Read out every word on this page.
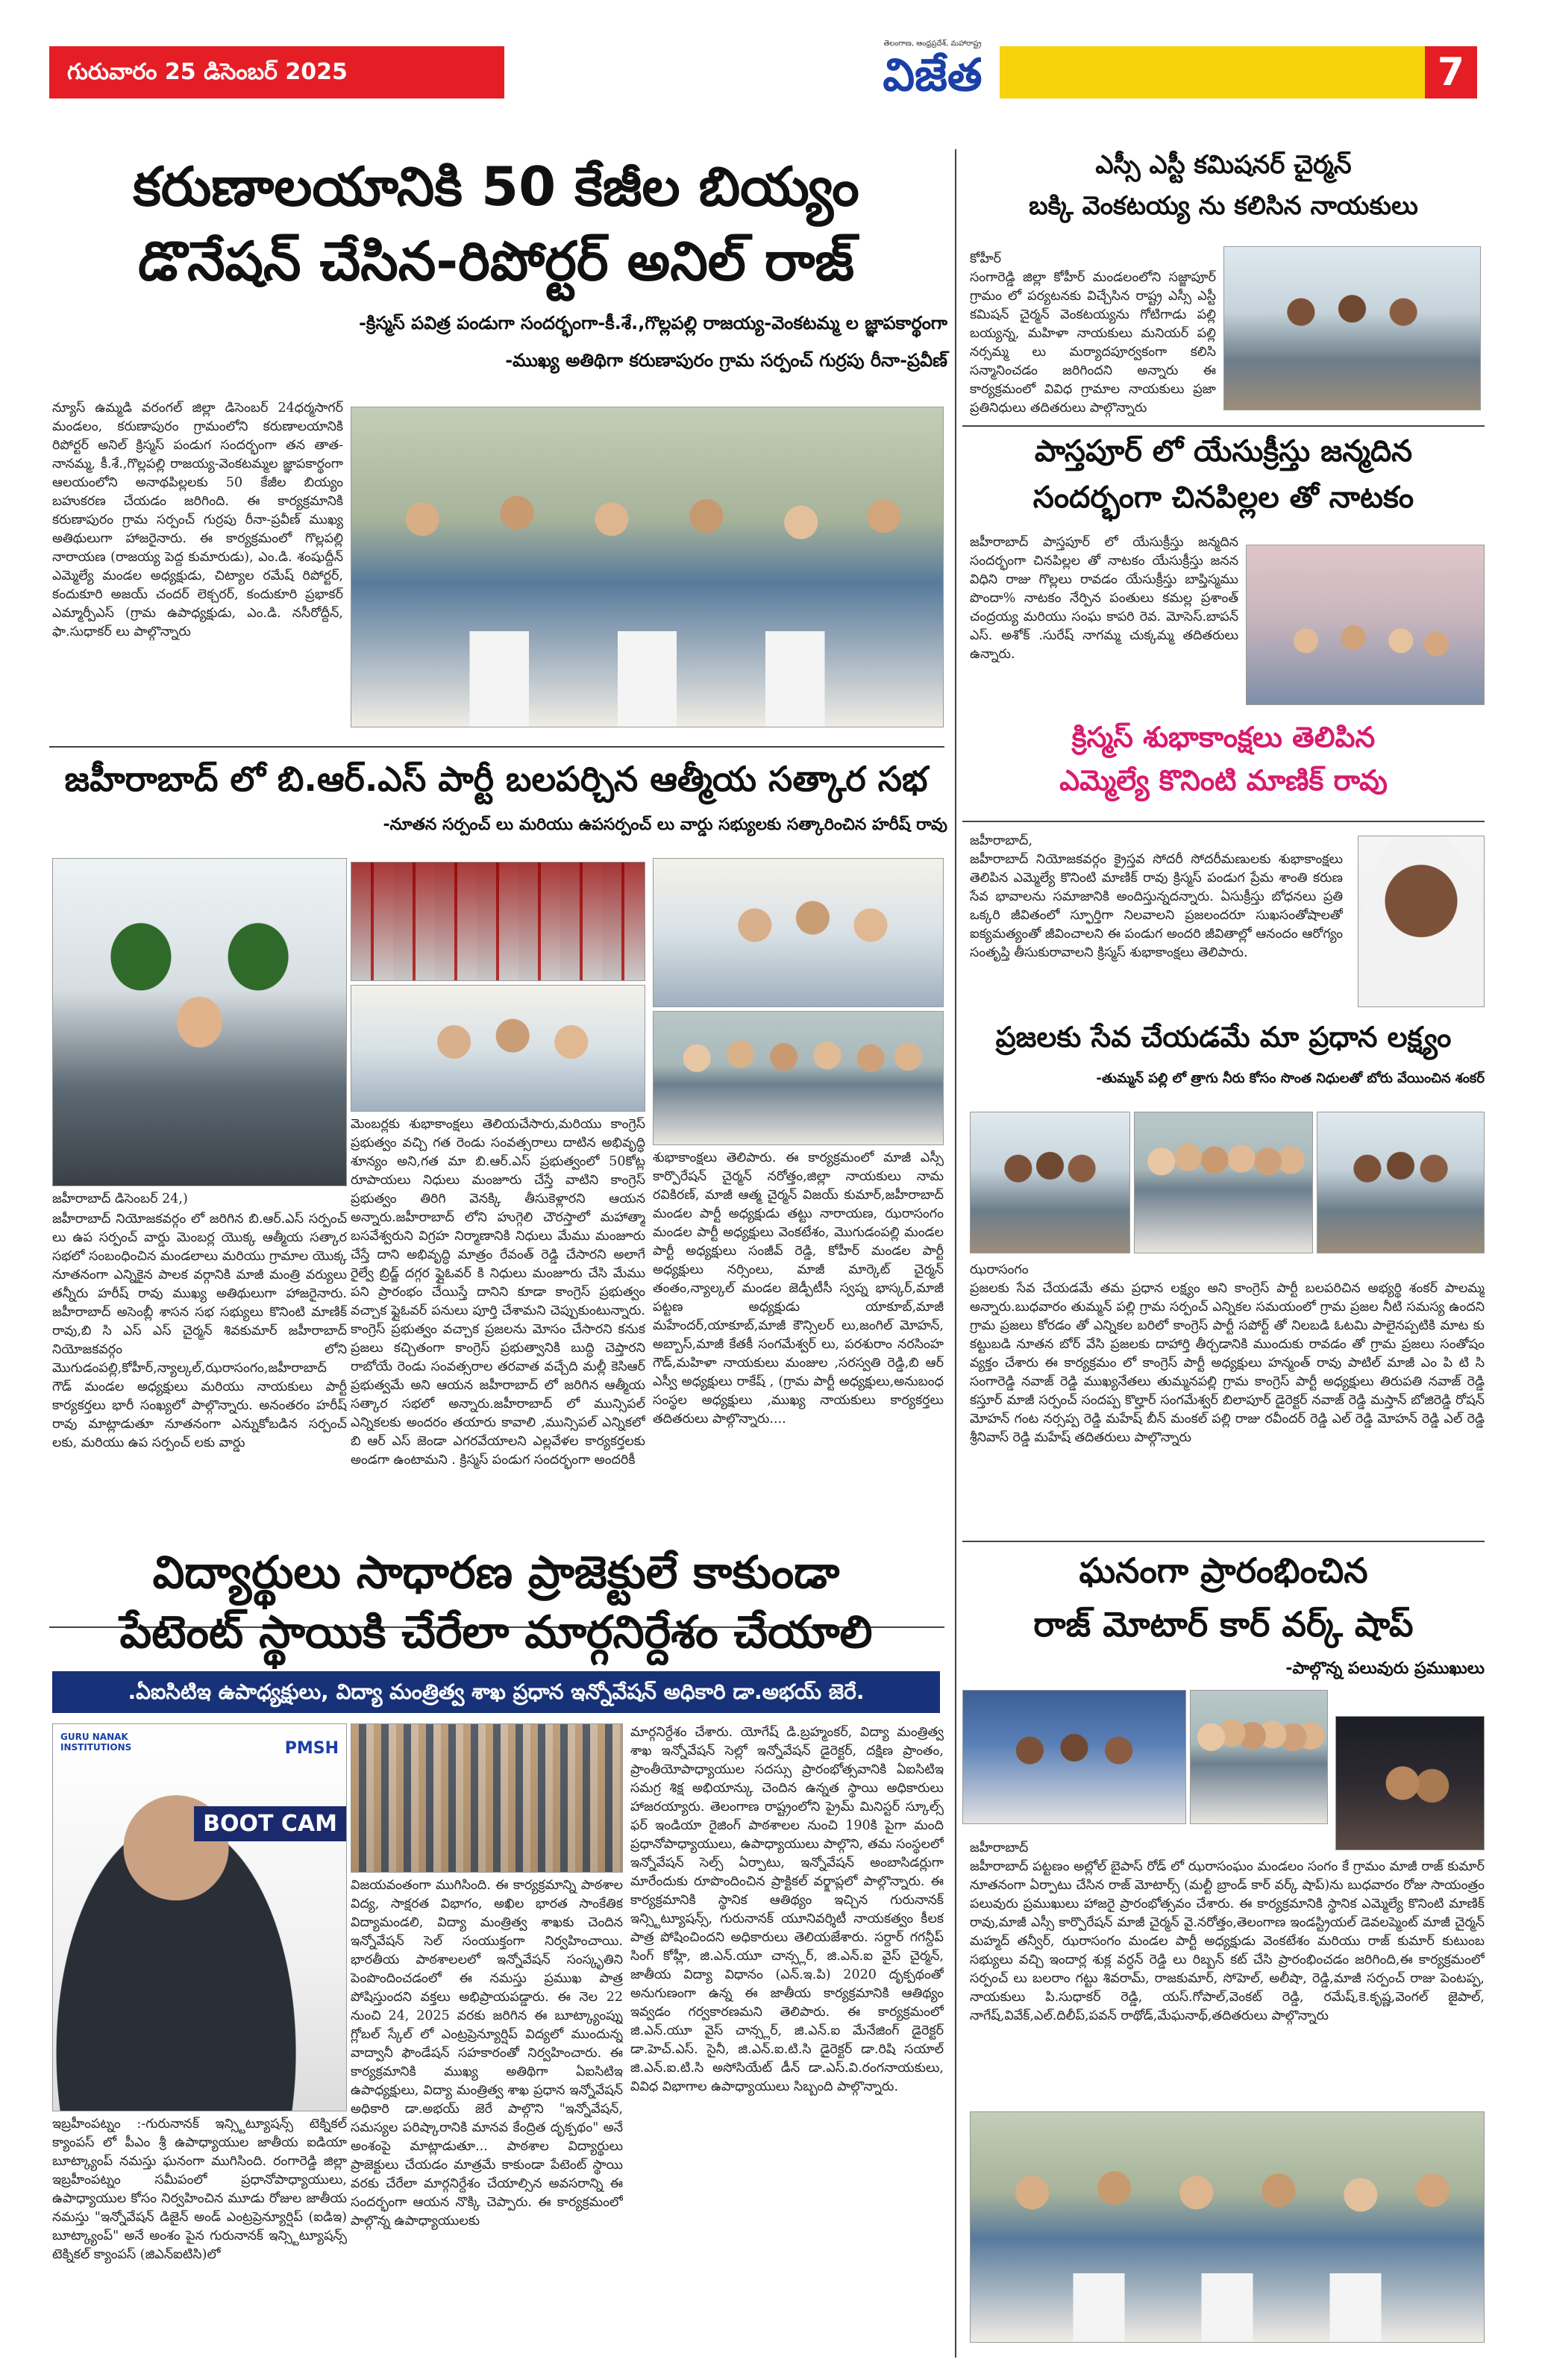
గురువారం 25 డిసెంబర్ 2025
తెలంగాణ, ఆంధ్రప్రదేశ్, మహారాష్ట్ర
విజేత	7
కరుణాలయానికి 50 కేజీల బియ్యం
డొనేషన్ చేసిన-రిపోర్టర్ అనిల్ రాజ్
-క్రిస్మస్ పవిత్ర పండుగా సందర్భంగా-కీ.శే.,గొల్లపల్లి రాజయ్య-వెంకటమ్మ ల జ్ఞాపకార్థంగా
-ముఖ్య అతిథిగా కరుణాపురం గ్రామ సర్పంచ్ గుర్రపు రీనా-ప్రవీణ్
న్యూస్ ఉమ్మడి వరంగల్ జిల్లా డిసెంబర్ 24ధర్మసాగర్ మండలం, కరుణాపురం గ్రామంలోని కరుణాలయానికి రిపోర్టర్ అనిల్ క్రిస్మస్ పండుగ సందర్భంగా తన తాత-నానమ్మ, కీ.శే.,గొల్లపల్లి రాజయ్య-వెంకటమ్మల జ్ఞాపకార్థంగా ఆలయంలోని అనాథపిల్లలకు 50 కేజీల బియ్యం బహుకరణ చేయడం జరిగింది. ఈ కార్యక్రమానికి కరుణాపురం గ్రామ సర్పంచ్ గుర్రపు రీనా-ప్రవీణ్ ముఖ్య అతిథులుగా హాజరైనారు. ఈ కార్యక్రమంలో గొల్లపల్లి నారాయణ (రాజయ్య పెద్ద కుమారుడు), ఎం.డి. శంషుద్దీన్ ఎమ్మెల్యే మండల అధ్యక్షుడు, చిట్యాల రమేష్ రిపోర్టర్, కందుకూరి అజయ్ చందర్ లెక్చరర్, కందుకూరి ప్రభాకర్ ఎమ్మార్పీఎస్ (గ్రామ ఉపాధ్యక్షుడు, ఎం.డి. నసీరోద్దీన్, ఫా.సుధాకర్ లు పాల్గొన్నారు
జహీరాబాద్ లో బి.ఆర్.ఎస్ పార్టీ బలపర్చిన ఆత్మీయ సత్కార సభ
-నూతన సర్పంచ్ లు మరియు ఉపసర్పంచ్ లు వార్డు సభ్యులకు సత్కారించిన హరీష్ రావు
జహీరాబాద్ డిసెంబర్ 24,)
జహీరాబాద్ నియోజకవర్గం లో జరిగిన బి.ఆర్.ఎస్ సర్పంచ్ లు ఉప సర్పంచ్ వార్డు మెంబర్ల యొక్క ఆత్మీయ సత్కార సభలో సంబంధించిన మండలాలు మరియు గ్రామాల యొక్క నూతనంగా ఎన్నికైన పాలక వర్గానికి మాజీ మంత్రి వర్యులు తన్నీరు హరీష్ రావు ముఖ్య అతిథులుగా హాజరైనారు. జహీరాబాద్ అసెంబ్లీ శాసన సభ సభ్యులు కొనింటి మాణిక్ రావు,బి సి ఎస్ ఎస్ చైర్మన్ శివకుమార్ జహీరాబాద్ నియోజకవర్గం లోని మొగుడంపల్లి,కోహీర్,న్యాల్కల్,ఝరాసంగం,జహీరాబాద్ గౌడ్ మండల అధ్యక్షులు మరియు నాయకులు పార్టీ కార్యకర్తలు భారీ సంఖ్యలో పాల్గొన్నారు. అనంతరం హరీష్ రావు మాట్లాడుతూ నూతనంగా ఎన్నుకోబడిన సర్పంచ్ లకు, మరియు ఉప సర్పంచ్ లకు వార్డు
మెంబర్లకు శుభాకాంక్షలు తెలియచేసారు,మరియు కాంగ్రెస్ ప్రభుత్వం వచ్చి గత రెండు సంవత్సరాలు దాటిన అభివృద్ధి శూన్యం అని,గత మా బి.ఆర్.ఎస్ ప్రభుత్వంలో 50కోట్ల రూపాయలు నిధులు మంజూరు చేస్తే వాటిని కాంగ్రెస్ ప్రభుత్వం తిరిగి వెనక్కి తీసుకెళ్లారని ఆయన అన్నారు.జహీరాబాద్ లోని హుగ్గెలి చౌరస్తాలో మహాత్మా బసవేశ్వరుని విగ్రహ నిర్మాణానికి నిధులు మేము మంజూరు చేస్తే దాని అభివృద్ధి మాత్రం రేవంత్ రెడ్డి చేసారని అలాగే రైల్వే బ్రిడ్జ్ దగ్గర ఫ్లైఓవర్ కి నిధులు మంజూరు చేసి మేము పని ప్రారంభం చేయిస్తే దానిని కూడా కాంగ్రెస్ ప్రభుత్వం వచ్చాక ఫ్లైఓవర్ పనులు పూర్తి చేశామని చెప్పుకుంటున్నారు. కాంగ్రెస్ ప్రభుత్వం వచ్చాక ప్రజలను మోసం చేసారని కనుక ప్రజలు కచ్చితంగా కాంగ్రెస్ ప్రభుత్వానికి బుద్ధి చెప్తారని రాబోయే రెండు సంవత్సరాల తరవాత వచ్చేది మల్లీ కెసిఆర్ ప్రభుత్వమే అని ఆయన జహీరాబాద్ లో జరిగిన ఆత్మీయ సత్కార సభలో అన్నారు.జహీరాబాద్ లో మున్సిపల్ ఎన్నికలకు అందరం తయారు కావాలి ,మున్సిపల్ ఎన్నికలో బి ఆర్ ఎస్ జెండా ఎగరవేయాలని ఎల్లవేళల కార్యకర్తలకు అండగా ఉంటామని . క్రిస్మస్ పండుగ సందర్భంగా అందరికీ
శుభాకాంక్షలు తెలిపారు. ఈ కార్యక్రమంలో మాజీ ఎస్సీ కార్పొరేషన్ చైర్మన్ నరోత్తం,జిల్లా నాయకులు నామ రవికిరణ్, మాజీ ఆత్మ చైర్మన్ విజయ్ కుమార్,జహీరాబాద్ మండల పార్టీ అధ్యక్షుడు తట్టు నారాయణ, ఝరాసంగం మండల పార్టీ అధ్యక్షులు వెంకటేశం, మొగుడంపల్లి మండల పార్టీ అధ్యక్షులు సంజీవ్ రెడ్డి, కోహీర్ మండల పార్టీ అధ్యక్షులు నర్సింలు, మాజీ మార్కెట్ చైర్మన్ తంతం,న్యాల్కల్ మండల జెడ్పీటీసీ స్వప్న భాస్కర్,మాజీ పట్టణ అధ్యక్షుడు యాకూబ్,మాజీ మహేందర్,యాకూబ్,మాజీ కౌన్సిలర్ లు,జంగిల్ మోహన్, అబ్బాస్,మాజీ కేతకీ సంగమేశ్వర్ లు, పరశురాం నరసింహ గౌడ్,మహిళా నాయకులు మంజుల ,సరస్వతి రెడ్డి,బి ఆర్ ఎస్వీ అధ్యక్షులు రాకేష్ , (గ్రామ పార్టీ అధ్యక్షులు,అనుబంధ సంస్థల అధ్యక్షులు ,ముఖ్య నాయకులు కార్యకర్తలు తదితరులు పాల్గొన్నారు....
విద్యార్థులు సాధారణ ప్రాజెక్టులే కాకుండా
పేటెంట్ స్థాయికి చేరేలా మార్గనిర్దేశం చేయాలి
.ఏఐసిటిఇ ఉపాధ్యక్షులు, విద్యా మంత్రిత్వ శాఖ ప్రధాన ఇన్నోవేషన్ అధికారి డా.అభయ్ జెరే.
GURU NANAK INSTITUTIONS	PMSH
BOOT CAM
ఇబ్రహీంపట్నం :-గురునానక్ ఇన్స్టిట్యూషన్స్ టెక్నికల్ క్యాంపస్ లో పీఎం శ్రీ ఉపాధ్యాయుల జాతీయ ఐడియా బూట్క్యాంప్ నమస్తు ఘనంగా ముగిసింది. రంగారెడ్డి జిల్లా ఇబ్రహీంపట్నం సమీపంలో ప్రధానోపాధ్యాయులు, ఉపాధ్యాయుల కోసం నిర్వహించిన మూడు రోజుల జాతీయ నమస్తు "ఇన్నోవేషన్ డిజైన్ అండ్ ఎంట్రప్రెన్యూర్షిప్ (ఐడిఇ) బూట్క్యాంప్" అనే అంశం పైన గురునానక్ ఇన్స్టిట్యూషన్స్ టెక్నికల్ క్యాంపస్ (జిఎన్ఐటిసి)లో
విజయవంతంగా ముగిసింది. ఈ కార్యక్రమాన్ని పాఠశాల విద్య, సాక్షరత విభాగం, అఖిల భారత సాంకేతిక విద్యామండలి, విద్యా మంత్రిత్వ శాఖకు చెందిన ఇన్నోవేషన్ సెల్ సంయుక్తంగా నిర్వహించాయి. భారతీయ పాఠశాలలలో ఇన్నోవేషన్ సంస్కృతిని పెంపొందించడంలో ఈ నమస్తు ప్రముఖ పాత్ర పోషిస్తుందని వక్తలు అభిప్రాయపడ్డారు. ఈ నెల 22 నుంచి 24, 2025 వరకు జరిగిన ఈ బూట్క్యాంప్ను గ్లోబల్ స్కేల్ లో ఎంట్రప్రెన్యూర్షిప్ విద్యలో ముందున్న వాద్వానీ ఫౌండేషన్ సహకారంతో నిర్వహించారు. ఈ కార్యక్రమానికి ముఖ్య అతిథిగా ఏఐసిటిఇ ఉపాధ్యక్షులు, విద్యా మంత్రిత్వ శాఖ ప్రధాన ఇన్నోవేషన్ అధికారి డా.అభయ్ జెరే పాల్గొని "ఇన్నోవేషన్, సమస్యల పరిష్కారానికి మానవ కేంద్రిత దృక్పథం" అనే అంశంపై మాట్లాడుతూ... పాఠశాల విద్యార్థులు ప్రాజెక్టులు చేయడం మాత్రమే కాకుండా పేటెంట్ స్థాయి వరకు చేరేలా మార్గనిర్దేశం చేయాల్సిన అవసరాన్ని ఈ సందర్భంగా ఆయన నొక్కి చెప్పారు. ఈ కార్యక్రమంలో పాల్గొన్న ఉపాధ్యాయులకు
మార్గనిర్దేశం చేశారు. యోగేష్ డి.బ్రహ్మంకర్, విద్యా మంత్రిత్వ శాఖ ఇన్నోవేషన్ సెల్లో ఇన్నోవేషన్ డైరెక్టర్, దక్షిణ ప్రాంతం, ప్రాంతీయోపాధ్యాయుల సదస్సు ప్రారంభోత్సవానికి ఏఐసిటిఇ సమగ్ర శిక్ష అభియాన్కు చెందిన ఉన్నత స్థాయి అధికారులు హాజరయ్యారు. తెలంగాణ రాష్ట్రంలోని ప్రైమ్ మినిస్టర్ స్కూల్స్ ఫర్ ఇండియా రైజింగ్ పాఠశాలల నుంచి 190కి పైగా మంది ప్రధానోపాధ్యాయులు, ఉపాధ్యాయులు పాల్గొని, తమ సంస్థలలో ఇన్నోవేషన్ సెల్స్ ఏర్పాటు, ఇన్నోవేషన్ అంబాసిడర్లుగా మారేందుకు రూపొందించిన ప్రాక్టికల్ వర్క్షాప్లలో పాల్గొన్నారు. ఈ కార్యక్రమానికి స్థానిక ఆతిథ్యం ఇచ్చిన గురునానక్ ఇన్స్టిట్యూషన్స్, గురునానక్ యూనివర్శిటీ నాయకత్వం కీలక పాత్ర పోషించిందని అధికారులు తెలియజేశారు. సర్దార్ గగన్దీప్ సింగ్ కోహ్లీ, జి.ఎన్.యూ చాన్స్లర్, జి.ఎన్.ఐ వైస్ చైర్మన్, జాతీయ విద్యా విధానం (ఎన్.ఇ.పి) 2020 దృక్పథంతో అనుగుణంగా ఉన్న ఈ జాతీయ కార్యక్రమానికి ఆతిథ్యం ఇవ్వడం గర్వకారణమని తెలిపారు. ఈ కార్యక్రమంలో జి.ఎన్.యూ వైస్ చాన్స్లర్, జి.ఎన్.ఐ మేనేజింగ్ డైరెక్టర్ డా.హెచ్.ఎస్. సైనీ, జి.ఎన్.ఐ.టి.సి డైరెక్టర్ డా.రిషి సయాల్ జి.ఎన్.ఐ.టి.సి అసోసియేట్ డీన్ డా.ఎస్.వి.రంగనాయకులు, వివిధ విభాగాల ఉపాధ్యాయులు సిబ్బంది పాల్గొన్నారు.
ఎస్సీ ఎస్టీ కమిషనర్ చైర్మన్
బక్కి వెంకటయ్య ను కలిసిన నాయకులు
కోహీర్
సంగారెడ్డి జిల్లా కోహీర్ మండలంలోని సజ్జాపూర్ గ్రామం లో పర్యటనకు విచ్చేసిన రాష్ట్ర ఎస్సీ ఎస్టీ కమిషన్ చైర్మన్ వెంకటయ్యను గోటిగాడు పల్లి బయ్యన్న, మహిళా నాయకులు మనియర్ పల్లి నర్సమ్మ లు మర్యాదపూర్వకంగా కలిసి సన్మానించడం జరిగిందని అన్నారు ఈ కార్యక్రమంలో వివిధ గ్రామాల నాయకులు ప్రజా ప్రతినిధులు తదితరులు పాల్గొన్నారు
పాస్తపూర్ లో యేసుక్రీస్తు జన్మదిన
సందర్భంగా చినపిల్లల తో నాటకం
జహీరాబాద్ పాస్తపూర్ లో యేసుక్రీస్తు జన్మదిన సందర్భంగా చినపిల్లల తో నాటకం యేసుక్రీస్తు జనన విధిని రాజు గొల్లలు రావడం యేసుక్రీస్తు బాప్తిస్మము పొందా% నాటకం నేర్పిన పంతులు కమల్ల ప్రశాంత్ చంద్రయ్య మరియు సంఘ కాపరి రెవ. మోసెస్.బాపన్ ఎస్. అశోక్ .సురేష్ నాగమ్మ చుక్కమ్మ తదితరులు ఉన్నారు.
క్రిస్మస్ శుభాకాంక్షలు తెలిపిన
ఎమ్మెల్యే కొనింటి మాణిక్ రావు
జహీరాబాద్,
జహీరాబాద్ నియోజకవర్గం క్రైస్తవ సోదరీ సోదరీమణులకు శుభాకాంక్షలు తెలిపిన ఎమ్మెల్యే కొనింటి మాణిక్ రావు క్రిస్మస్ పండుగ ప్రేమ శాంతి కరుణ సేవ భావాలను సమాజానికి అందిస్తున్నదన్నారు. ఏసుక్రీస్తు బోధనలు ప్రతి ఒక్కరి జీవితంలో స్ఫూర్తిగా నిలవాలని ప్రజలందరూ సుఖసంతోషాలతో ఐక్యమత్యంతో జీవించాలని ఈ పండుగ అందరి జీవితాల్లో ఆనందం ఆరోగ్యం సంతృప్తి తీసుకురావాలని క్రిస్మస్ శుభాకాంక్షలు తెలిపారు.
ప్రజలకు సేవ చేయడమే మా ప్రధాన లక్ష్యం
-తుమ్మన్ పల్లి లో త్రాగు నీరు కోసం సొంత నిధులతో బోరు వేయించిన శంకర్
ఝరాసంగం
ప్రజలకు సేవ చేయడమే తమ ప్రధాన లక్ష్యం అని కాంగ్రెస్ పార్టీ బలపరిచిన అభ్యర్థి శంకర్ పాలమ్మ అన్నారు.బుధవారం తుమ్మన్ పల్లి గ్రామ సర్పంచ్ ఎన్నికల సమయంలో గ్రామ ప్రజల నీటి సమస్య ఉందని గ్రామ ప్రజలు కోరడం తో ఎన్నికల బరిలో కాంగ్రెస్ పార్టీ సపోర్ట్ తో నిలబడి ఓటమి పాలైనప్పటికి మాట కు కట్టుబడి నూతన బోర్ వేసి ప్రజలకు దాహార్తి తీర్చడానికి ముందుకు రావడం తో గ్రామ ప్రజలు సంతోషం వ్యక్తం చేశారు ఈ కార్యక్రమం లో కాంగ్రెస్ పార్టీ అధ్యక్షులు హన్మంత్ రావు పాటిల్ మాజీ ఎం పి టి సి సంగారెడ్డి నవాజ్ రెడ్డి ముఖ్యనేతలు తుమ్మనపల్లి గ్రామ కాంగ్రెస్ పార్టీ అధ్యక్షులు తిరుపతి నవాజ్ రెడ్డి కస్తూర్ మాజీ సర్పంచ్ సందప్ప కొల్హార్ సంగమేశ్వర్ బిలాపూర్ డైరెక్టర్ నవాజ్ రెడ్డి మస్తాన్ బోజిరెడ్డి రోషన్ మోహన్ గంట నర్సప్ప రెడ్డి మహేష్ బీన్ మంకల్ పల్లి రాజు రవీందర్ రెడ్డి ఎల్ రెడ్డి మోహన్ రెడ్డి ఎల్ రెడ్డి శ్రీనివాస్ రెడ్డి మహేష్ తదితరులు పాల్గొన్నారు
ఘనంగా ప్రారంభించిన
రాజ్ మోటార్ కార్ వర్క్ షాప్
-పాల్గొన్న పలువురు ప్రముఖులు
జహీరాబాద్
జహీరాబాద్ పట్టణం అల్లోల్ బైపాస్ రోడ్ లో ఝరాసంఘం మండలం సంగం కే గ్రామం మాజీ రాజ్ కుమార్ నూతనంగా ఏర్పాటు చేసిన రాజ్ మోటార్స్ (మల్టీ బ్రాండ్ కార్ వర్క్ షాప్)ను బుధవారం రోజు సాయంత్రం పలువురు ప్రముఖులు హాజరై ప్రారంభోత్సవం చేశారు. ఈ కార్యక్రమానికి స్థానిక ఎమ్మెల్యే కొనింటి మాణిక్ రావు,మాజీ ఎస్సీ కార్పొరేషన్ మాజీ చైర్మన్ వై.నరోత్తం,తెలంగాణ ఇండస్ట్రియల్ డెవలప్మెంట్ మాజీ చైర్మన్ మహ్మద్ తన్వీర్, ఝరాసంగం మండల పార్టీ అధ్యక్షుడు వెంకటేశం మరియు రాజ్ కుమార్ కుటుంబ సభ్యులు వచ్చి ఇందార్ల శుక్ల వర్ధన్ రెడ్డి లు రిబ్బన్ కట్ చేసి ప్రారంభించడం జరిగింది,ఈ కార్యక్రమంలో సర్పంచ్ లు బలరాం గట్టు శివరామ్, రాజకుమార్, సోహెల్, అలీషా, రెడ్డి,మాజీ సర్పంచ్ రాజు పెంటప్ప, నాయకులు పి.సుధాకర్ రెడ్డి, యస్.గోపాల్,వెంకట్ రెడ్డి, రమేష్,కె.కృష్ణ,వెంగల్ జైపాల్, నాగేష్,వివేక్,ఎల్.దిలీప్,పవన్ రాథోడ్,మేఘనాథ్,తదితరులు పాల్గొన్నారు
